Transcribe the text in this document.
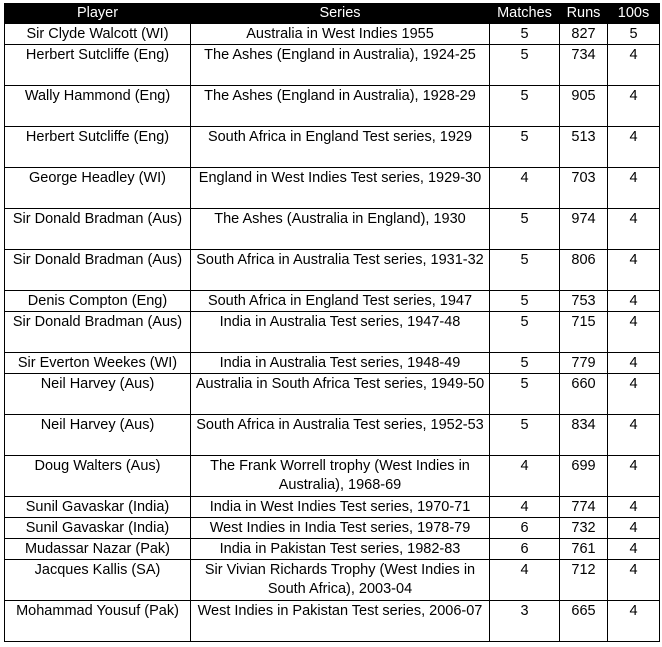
Player	Series	Matches	Runs	100s
Sir Clyde Walcott (WI)	Australia in West Indies 1955	5	827	5
Herbert Sutcliffe (Eng)	The Ashes (England in Australia), 1924-25	5	734	4
Wally Hammond (Eng)	The Ashes (England in Australia), 1928-29	5	905	4
Herbert Sutcliffe (Eng)	South Africa in England Test series, 1929	5	513	4
George Headley (WI)	England in West Indies Test series, 1929-30	4	703	4
Sir Donald Bradman (Aus)	The Ashes (Australia in England), 1930	5	974	4
Sir Donald Bradman (Aus)	South Africa in Australia Test series, 1931-32	5	806	4
Denis Compton (Eng)	South Africa in England Test series, 1947	5	753	4
Sir Donald Bradman (Aus)	India in Australia Test series, 1947-48	5	715	4
Sir Everton Weekes (WI)	India in Australia Test series, 1948-49	5	779	4
Neil Harvey (Aus)	Australia in South Africa Test series, 1949-50	5	660	4
Neil Harvey (Aus)	South Africa in Australia Test series, 1952-53	5	834	4
Doug Walters (Aus)	The Frank Worrell trophy (West Indies in Australia), 1968-69	4	699	4
Sunil Gavaskar (India)	India in West Indies Test series, 1970-71	4	774	4
Sunil Gavaskar (India)	West Indies in India Test series, 1978-79	6	732	4
Mudassar Nazar (Pak)	India in Pakistan Test series, 1982-83	6	761	4
Jacques Kallis (SA)	Sir Vivian Richards Trophy (West Indies in South Africa), 2003-04	4	712	4
Mohammad Yousuf (Pak)	West Indies in Pakistan Test series, 2006-07	3	665	4
